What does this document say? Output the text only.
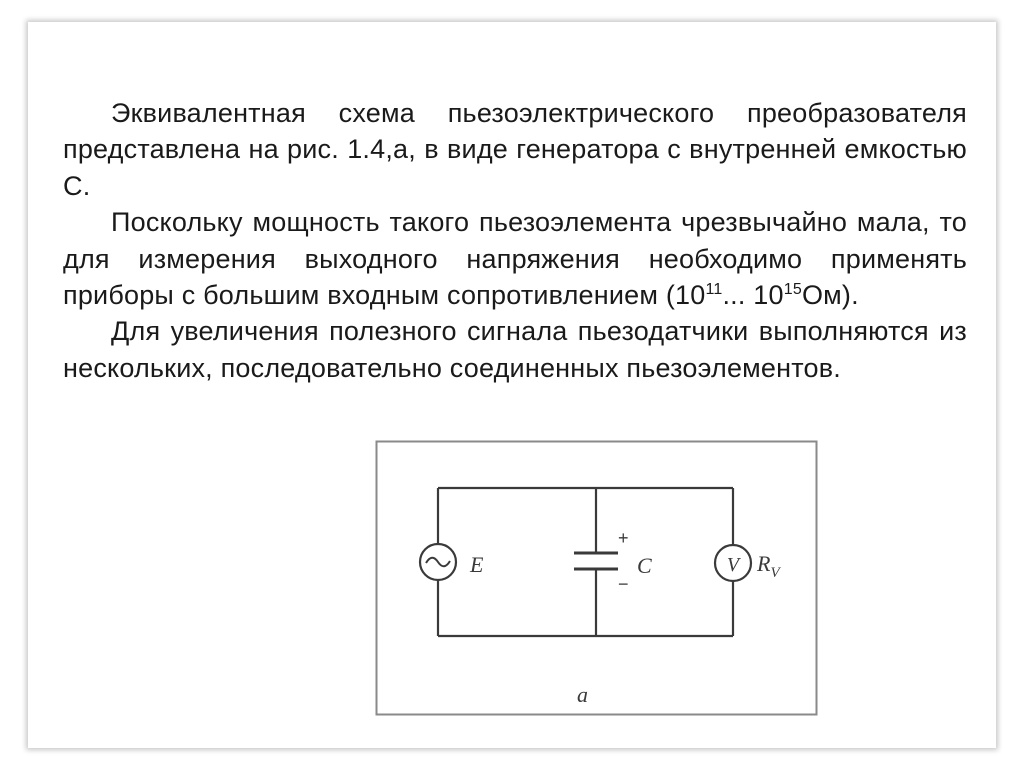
Эквивалентная схема пьезоэлектрического преобразователя представлена на рис. 1.4,а, в виде генератора с внутренней емкостью С.

Поскольку мощность такого пьезоэлемента чрезвычайно мала, то для измерения выходного напряжения необходимо применять приборы с большим входным сопротивлением ($10^{11}$... $10^{15}Ом$).

Для увеличения полезного сигнала пьезодатчики выполняются из нескольких, последовательно соединенных пьезоэлементов.

E
+
−
C	V $R_V$
а
